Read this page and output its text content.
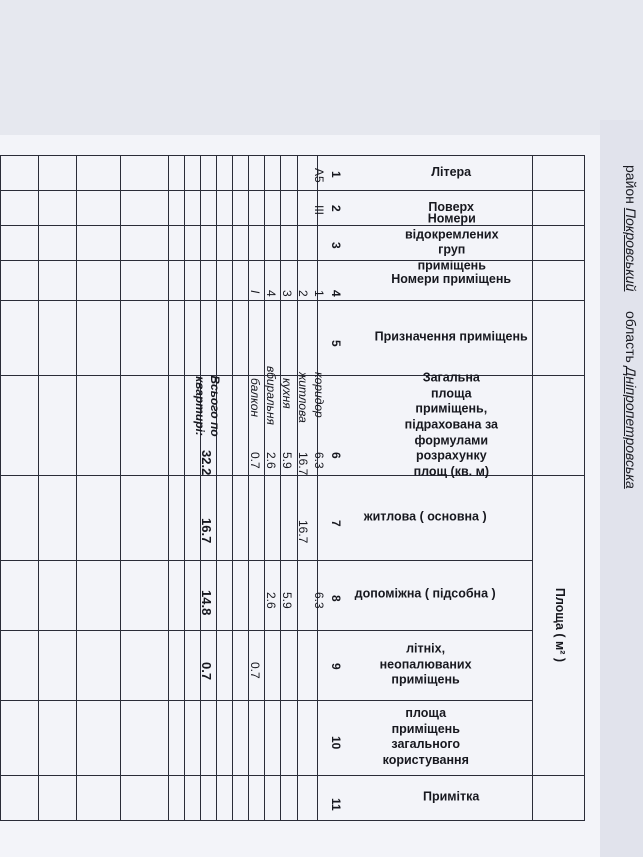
район Покровський     область Дніпропетровська
Літера
Поверх
Номери відокремлених груп приміщень
Номери приміщень
Призначення приміщень
Загальна площа приміщень, підрахована за формулами розрахунку площ (кв. м)
Площа ( м² )
житлова ( основна )
допоміжна ( підсобна )
літніх, неопалюваних приміщень
площа приміщень загального користування
Примітка
1
2
3
4
5
6
7
8
9
10
11
А5
III
1
коридор
6.3
6.3
2
житлова
16.7
16.7
3
кухня
5.9
5.9
4
вбиральня
2.6
2.6
I
балкон
0.7
0.7
Всього по квартирі:
32.2
16.7
14.8
0.7
